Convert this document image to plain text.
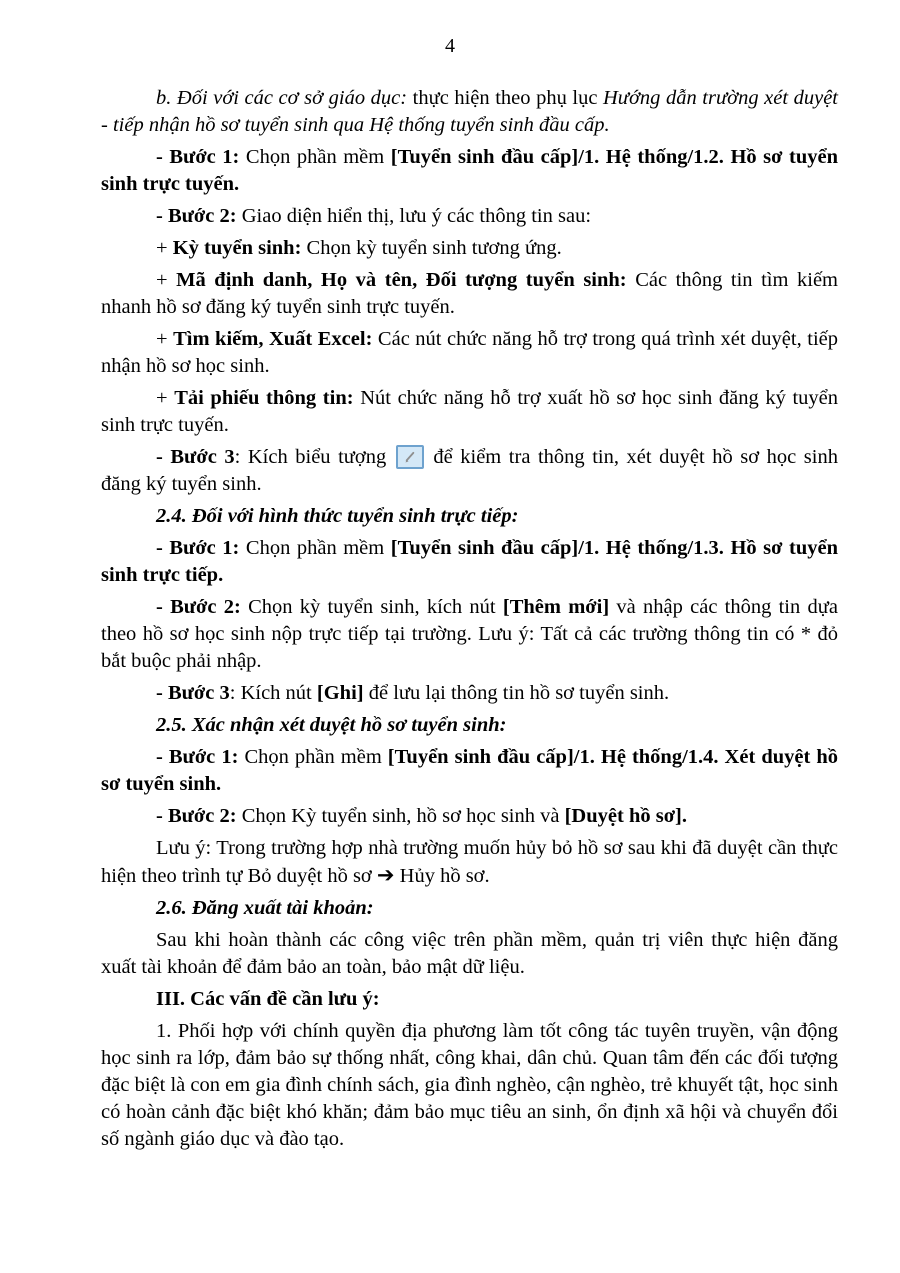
4

b. Đối với các cơ sở giáo dục: thực hiện theo phụ lục Hướng dẫn trường xét duyệt - tiếp nhận hồ sơ tuyển sinh qua Hệ thống tuyển sinh đầu cấp.

- Bước 1: Chọn phần mềm [Tuyển sinh đầu cấp]/1. Hệ thống/1.2. Hồ sơ tuyển sinh trực tuyến.

- Bước 2: Giao diện hiển thị, lưu ý các thông tin sau:

+ Kỳ tuyển sinh: Chọn kỳ tuyển sinh tương ứng.

+ Mã định danh, Họ và tên, Đối tượng tuyển sinh: Các thông tin tìm kiếm nhanh hồ sơ đăng ký tuyển sinh trực tuyến.

+ Tìm kiếm, Xuất Excel: Các nút chức năng hỗ trợ trong quá trình xét duyệt, tiếp nhận hồ sơ học sinh.

+ Tải phiếu thông tin: Nút chức năng hỗ trợ xuất hồ sơ học sinh đăng ký tuyển sinh trực tuyến.

- Bước 3: Kích biểu tượng
để kiểm tra thông tin, xét duyệt hồ sơ học sinh đăng ký tuyển sinh.

2.4. Đối với hình thức tuyển sinh trực tiếp:

- Bước 1: Chọn phần mềm [Tuyển sinh đầu cấp]/1. Hệ thống/1.3. Hồ sơ tuyển sinh trực tiếp.

- Bước 2: Chọn kỳ tuyển sinh, kích nút [Thêm mới] và nhập các thông tin dựa theo hồ sơ học sinh nộp trực tiếp tại trường. Lưu ý: Tất cả các trường thông tin có * đỏ bắt buộc phải nhập.

- Bước 3: Kích nút [Ghi] để lưu lại thông tin hồ sơ tuyển sinh.

2.5. Xác nhận xét duyệt hồ sơ tuyển sinh:

- Bước 1: Chọn phần mềm [Tuyển sinh đầu cấp]/1. Hệ thống/1.4. Xét duyệt hồ sơ tuyển sinh.

- Bước 2: Chọn Kỳ tuyển sinh, hồ sơ học sinh và [Duyệt hồ sơ].

Lưu ý: Trong trường hợp nhà trường muốn hủy bỏ hồ sơ sau khi đã duyệt cần thực hiện theo trình tự Bỏ duyệt hồ sơ ➔ Hủy hồ sơ.

2.6. Đăng xuất tài khoản:

Sau khi hoàn thành các công việc trên phần mềm, quản trị viên thực hiện đăng xuất tài khoản để đảm bảo an toàn, bảo mật dữ liệu.

III. Các vấn đề cần lưu ý:

1. Phối hợp với chính quyền địa phương làm tốt công tác tuyên truyền, vận động học sinh ra lớp, đảm bảo sự thống nhất, công khai, dân chủ. Quan tâm đến các đối tượng đặc biệt là con em gia đình chính sách, gia đình nghèo, cận nghèo, trẻ khuyết tật, học sinh có hoàn cảnh đặc biệt khó khăn; đảm bảo mục tiêu an sinh, ổn định xã hội và chuyển đổi số ngành giáo dục và đào tạo.
